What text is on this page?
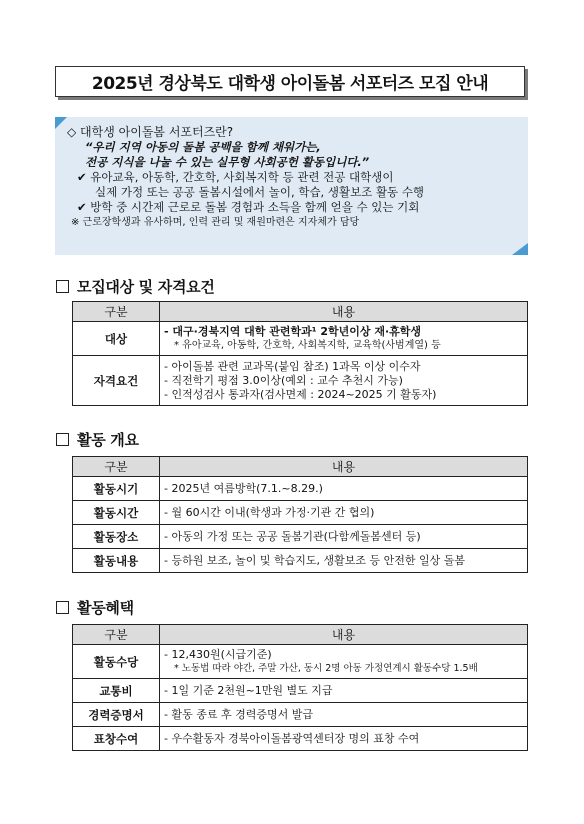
2025년 경상북도 대학생 아이돌봄 서포터즈 모집 안내
◇ 대학생 아이돌봄 서포터즈란?
“우리 지역 아동의 돌봄 공백을 함께 채워가는,
전공 지식을 나눌 수 있는 실무형 사회공헌 활동입니다.”
✔ 유아교육, 아동학, 간호학, 사회복지학 등 관련 전공 대학생이
실제 가정 또는 공공 돌봄시설에서 놀이, 학습, 생활보조 활동 수행
✔ 방학 중 시간제 근로로 돌봄 경험과 소득을 함께 얻을 수 있는 기회
※ 근로장학생과 유사하며, 인력 관리 및 재원마련은 지자체가 담당
모집대상 및 자격요건
구분	내용
대상	- 대구·경북지역 대학 관련학과¹ 2학년이상 재·휴학생
* 유아교육, 아동학, 간호학, 사회복지학, 교육학(사범계열) 등

자격요건	- 아이돌봄 관련 교과목(붙임 참조) 1과목 이상 이수자
- 직전학기 평점 3.0이상(예외 : 교수 추천시 가능)
- 인적성검사 통과자(검사면제 : 2024~2025 기 활동자)
활동 개요
구분	내용
활동시기	- 2025년 여름방학(7.1.~8.29.)
활동시간	- 월 60시간 이내(학생과 가정·기관 간 협의)
활동장소	- 아동의 가정 또는 공공 돌봄기관(다함께돌봄센터 등)
활동내용	- 등하원 보조, 놀이 및 학습지도, 생활보조 등 안전한 일상 돌봄
활동혜택
구분	내용
활동수당	- 12,430원(시급기준)
* 노동법 따라 야간, 주말 가산, 동시 2명 아동 가정연계시 활동수당 1.5배

교통비	- 1일 기준 2천원~1만원 별도 지급
경력증명서	- 활동 종료 후 경력증명서 발급
표창수여	- 우수활동자 경북아이돌봄광역센터장 명의 표창 수여
